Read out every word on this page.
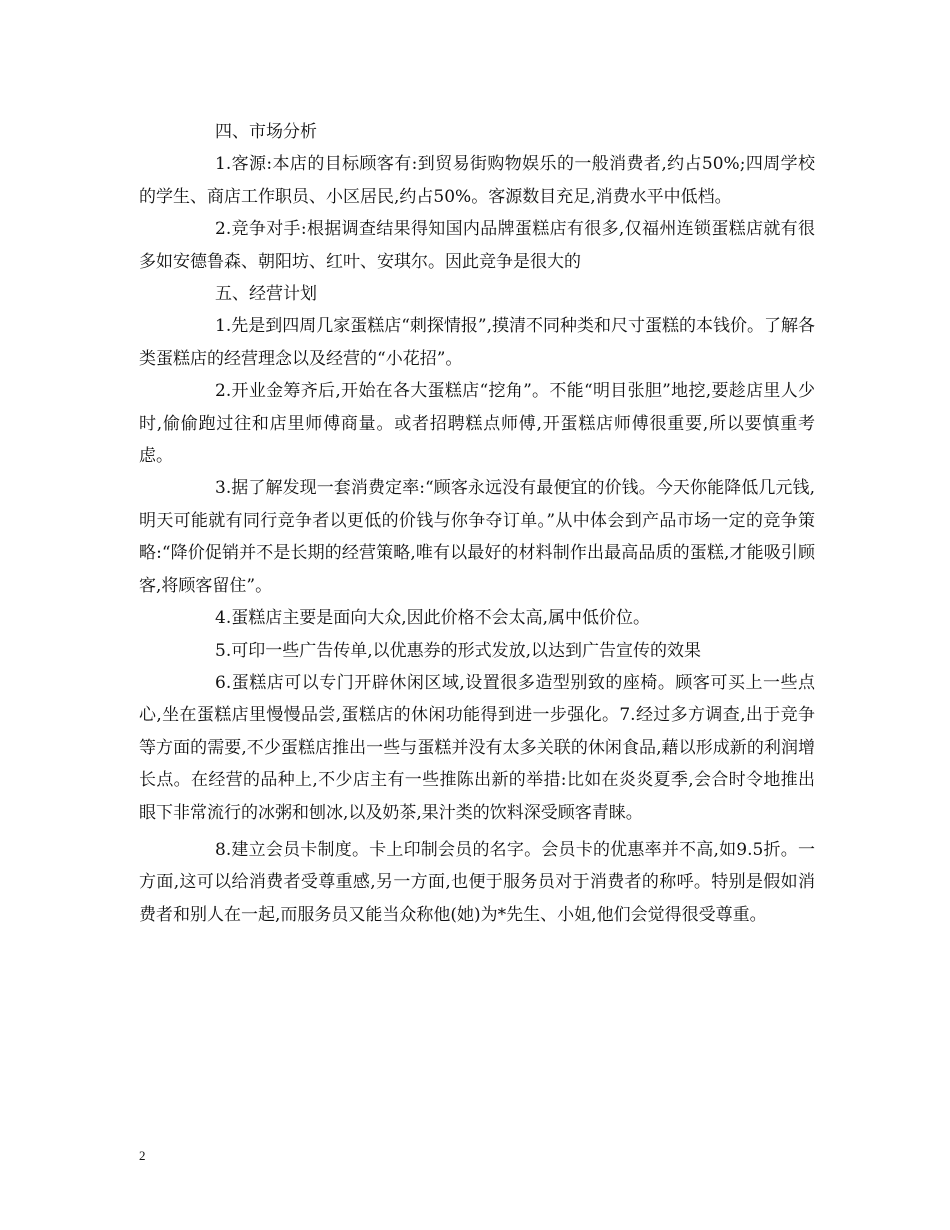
四、市场分析

1.客源:本店的目标顾客有:到贸易街购物娱乐的一般消费者,约占50%;四周学校的学生、商店工作职员、小区居民,约占50%。客源数目充足,消费水平中低档。

2.竞争对手:根据调查结果得知国内品牌蛋糕店有很多,仅福州连锁蛋糕店就有很多如安德鲁森、朝阳坊、红叶、安琪尔。因此竞争是很大的

五、经营计划

1.先是到四周几家蛋糕店“刺探情报”,摸清不同种类和尺寸蛋糕的本钱价。了解各类蛋糕店的经营理念以及经营的“小花招”。

2.开业金筹齐后,开始在各大蛋糕店“挖角”。不能“明目张胆”地挖,要趁店里人少时,偷偷跑过往和店里师傅商量。或者招聘糕点师傅,开蛋糕店师傅很重要,所以要慎重考虑。

3.据了解发现一套消费定率:“顾客永远没有最便宜的价钱。今天你能降低几元钱,明天可能就有同行竞争者以更低的价钱与你争夺订单。”从中体会到产品市场一定的竞争策略:“降价促销并不是长期的经营策略,唯有以最好的材料制作出最高品质的蛋糕,才能吸引顾客,将顾客留住”。

4.蛋糕店主要是面向大众,因此价格不会太高,属中低价位。

5.可印一些广告传单,以优惠券的形式发放,以达到广告宣传的效果

6.蛋糕店可以专门开辟休闲区域,设置很多造型别致的座椅。顾客可买上一些点心,坐在蛋糕店里慢慢品尝,蛋糕店的休闲功能得到进一步强化。7.经过多方调查,出于竞争等方面的需要,不少蛋糕店推出一些与蛋糕并没有太多关联的休闲食品,藉以形成新的利润增长点。在经营的品种上,不少店主有一些推陈出新的举措:比如在炎炎夏季,会合时令地推出眼下非常流行的冰粥和刨冰,以及奶茶,果汁类的饮料深受顾客青睐。

8.建立会员卡制度。卡上印制会员的名字。会员卡的优惠率并不高,如9.5折。一方面,这可以给消费者受尊重感,另一方面,也便于服务员对于消费者的称呼。特别是假如消费者和别人在一起,而服务员又能当众称他(她)为*先生、小姐,他们会觉得很受尊重。

2
